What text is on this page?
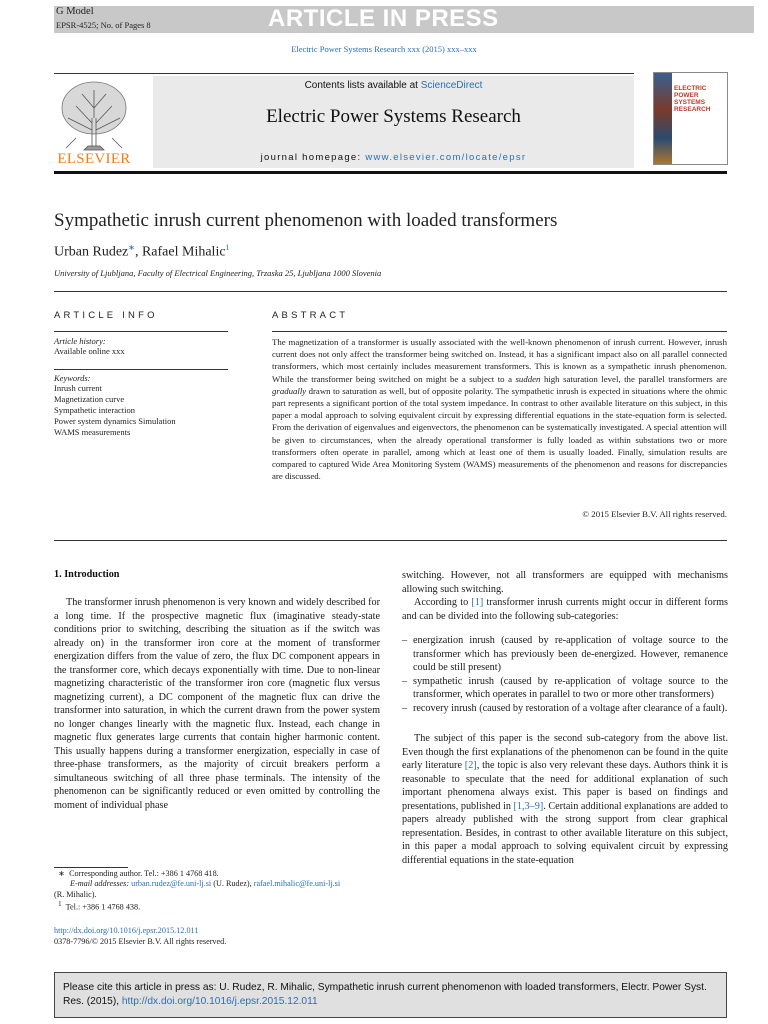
G Model
EPSR-4525; No. of Pages 8	ARTICLE IN PRESS
Electric Power Systems Research xxx (2015) xxx–xxx
Contents lists available at ScienceDirect
Electric Power Systems Research
journal homepage: www.elsevier.com/locate/epsr
ELSEVIER
ELECTRIC POWER SYSTEMS RESEARCH
Sympathetic inrush current phenomenon with loaded transformers
Urban Rudez∗, Rafael Mihalic$^1$
University of Ljubljana, Faculty of Electrical Engineering, Trzaska 25, Ljubljana 1000 Slovenia
ARTICLE INFO	ABSTRACT
Article history:
Available online xxx
Keywords:
Inrush current
Magnetization curve
Sympathetic interaction
Power system dynamics Simulation
WAMS measurements
The magnetization of a transformer is usually associated with the well-known phenomenon of inrush current. However, inrush current does not only affect the transformer being switched on. Instead, it has a significant impact also on all parallel connected transformers, which most certainly includes measurement transformers. This is known as a sympathetic inrush phenomenon. While the transformer being switched on might be a subject to a sudden high saturation level, the parallel transformers are gradually drawn to saturation as well, but of opposite polarity. The sympathetic inrush is expected in situations where the ohmic part represents a significant portion of the total system impedance. In contrast to other available literature on this subject, in this paper a modal approach to solving equivalent circuit by expressing differential equations in the state-equation form is selected. From the derivation of eigenvalues and eigenvectors, the phenomenon can be systematically investigated. A special attention will be given to circumstances, when the already operational transformer is fully loaded as within substations two or more transformers often operate in parallel, among which at least one of them is usually loaded. Finally, simulation results are compared to captured Wide Area Monitoring System (WAMS) measurements of the phenomenon and reasons for discrepancies are discussed.
© 2015 Elsevier B.V. All rights reserved.
1. Introduction

The transformer inrush phenomenon is very known and widely described for a long time. If the prospective magnetic flux (imaginative steady-state conditions prior to switching, describing the situation as if the switch was already on) in the transformer iron core at the moment of transformer energization differs from the value of zero, the flux DC component appears in the transformer core, which decays exponentially with time. Due to non-linear magnetizing characteristic of the transformer iron core (magnetic flux versus magnetizing current), a DC component of the magnetic flux can drive the transformer into saturation, in which the current drawn from the power system no longer changes linearly with the magnetic flux. Instead, each change in magnetic flux generates large currents that contain higher harmonic content. This usually happens during a transformer energization, especially in case of three-phase transformers, as the majority of circuit breakers perform a simultaneous switching of all three phase terminals. The intensity of the phenomenon can be significantly reduced or even omitted by controlling the moment of individual phase

switching. However, not all transformers are equipped with mechanisms allowing such switching.

According to [1] transformer inrush currents might occur in different forms and can be divided into the following sub-categories:

– energization inrush (caused by re-application of voltage source to the transformer which has previously been de-energized. However, remanence could be still present)
– sympathetic inrush (caused by re-application of voltage source to the transformer, which operates in parallel to two or more other transformers)
– recovery inrush (caused by restoration of a voltage after clearance of a fault).

The subject of this paper is the second sub-category from the above list. Even though the first explanations of the phenomenon can be found in the quite early literature [2], the topic is also very relevant these days. Authors think it is reasonable to speculate that the need for additional explanation of such important phenomena always exist. This paper is based on findings and presentations, published in [1,3–9]. Certain additional explanations are added to papers already published with the strong support from clear graphical representation. Besides, in contrast to other available literature on this subject, in this paper a modal approach to solving equivalent circuit by expressing differential equations in the state-equation

∗ Corresponding author. Tel.: +386 1 4768 418.
E-mail addresses: urban.rudez@fe.uni-lj.si (U. Rudez), rafael.mihalic@fe.uni-lj.si
(R. Mihalic).
$^1$ Tel.: +386 1 4768 438.
http://dx.doi.org/10.1016/j.epsr.2015.12.011
0378-7796/© 2015 Elsevier B.V. All rights reserved.
Please cite this article in press as: U. Rudez, R. Mihalic, Sympathetic inrush current phenomenon with loaded transformers, Electr. Power Syst. Res. (2015), http://dx.doi.org/10.1016/j.epsr.2015.12.011
